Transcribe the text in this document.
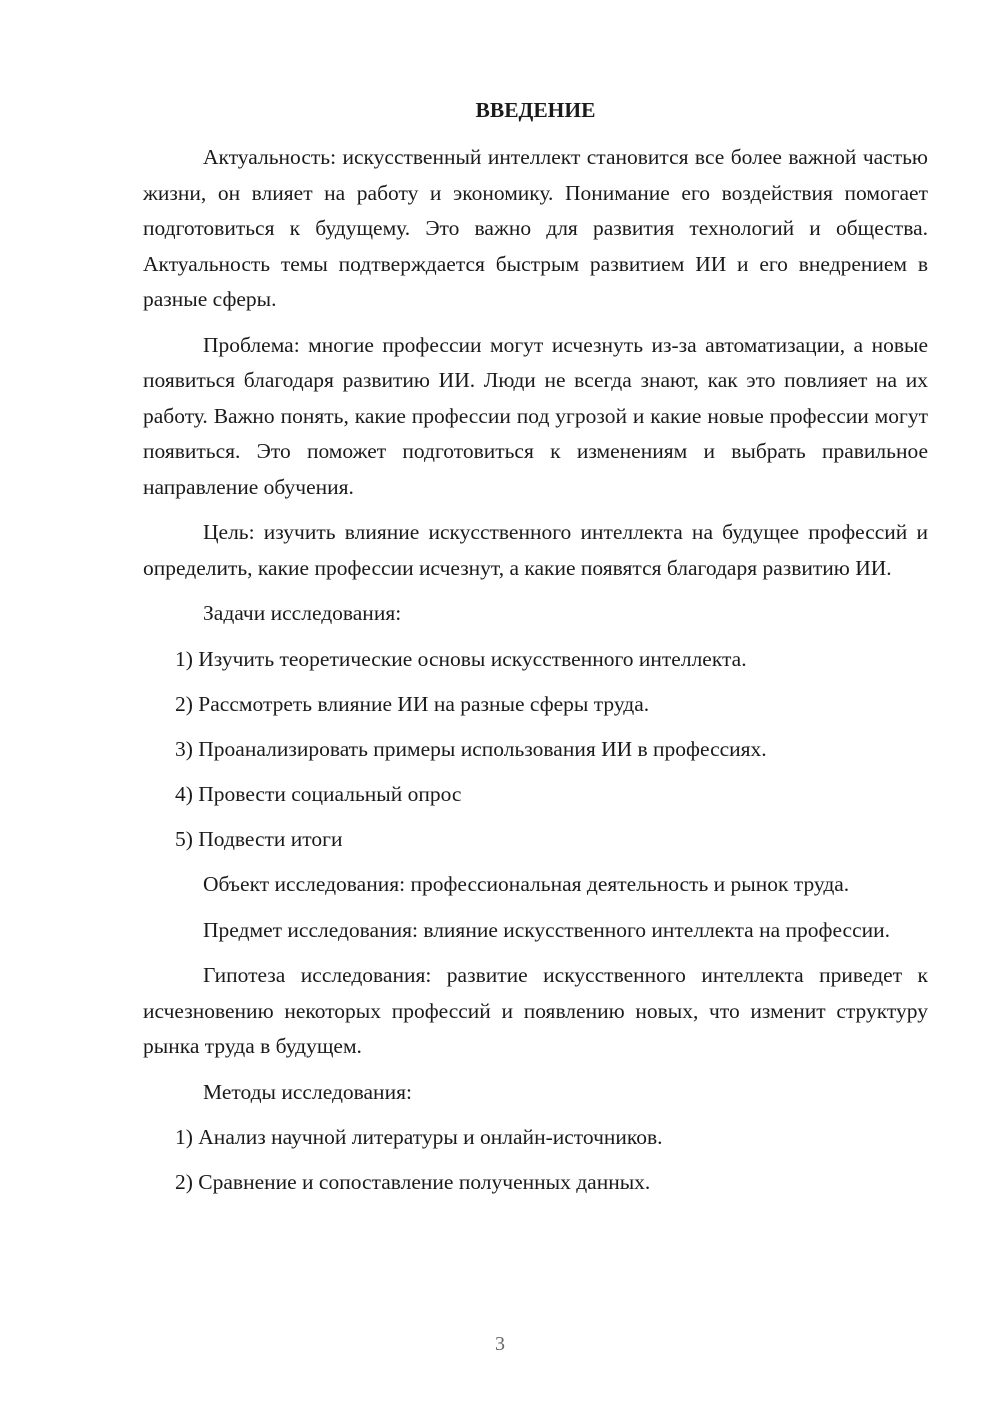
ВВЕДЕНИЕ

Актуальность: искусственный интеллект становится все более важной частью жизни, он влияет на работу и экономику. Понимание его воздействия помогает подготовиться к будущему. Это важно для развития технологий и общества. Актуальность темы подтверждается быстрым развитием ИИ и его внедрением в разные сферы.

Проблема: многие профессии могут исчезнуть из-за автоматизации, а новые появиться благодаря развитию ИИ. Люди не всегда знают, как это повлияет на их работу. Важно понять, какие профессии под угрозой и какие новые профессии могут появиться. Это поможет подготовиться к изменениям и выбрать правильное направление обучения.

Цель: изучить влияние искусственного интеллекта на будущее профессий и определить, какие профессии исчезнут, а какие появятся благодаря развитию ИИ.

Задачи исследования:

1) Изучить теоретические основы искусственного интеллекта.
2) Рассмотреть влияние ИИ на разные сферы труда.
3) Проанализировать примеры использования ИИ в профессиях.
4) Провести социальный опрос
5) Подвести итоги

Объект исследования: профессиональная деятельность и рынок труда.

Предмет исследования: влияние искусственного интеллекта на профессии.

Гипотеза исследования: развитие искусственного интеллекта приведет к исчезновению некоторых профессий и появлению новых, что изменит структуру рынка труда в будущем.

Методы исследования:

1) Анализ научной литературы и онлайн-источников.
2) Сравнение и сопоставление полученных данных.
3
